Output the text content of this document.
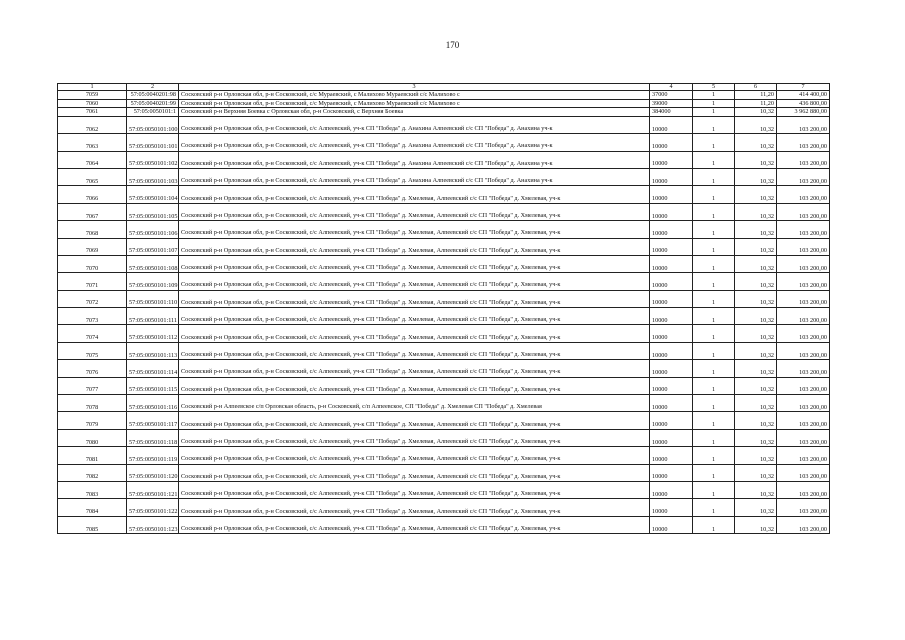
170
1	2	3	4	5	6	7
7059	57:05:0040201:98	Сосковский р-н Орловская обл, р-н Сосковский, с/с Мураевский, с Малихово Мураевский с/с Малихово с	37000	1	11,20	414 400,00
7060	57:05:0040201:99	Сосковский р-н Орловская обл, р-н Сосковский, с/с Мураевский, с Малихово Мураевский с/с Малихово с	39000	1	11,20	436 800,00
7061	57:05:0050101:1	Сосковский р-н Верхняя Боевка с Орловская обл, р-н Сосковский, с Верхняя Боевка	384000	1	10,32	3 962 880,00
7062	57:05:0050101:100	Сосковский р-н Орловская обл, р-н Сосковский, с/с Алпеевский, уч-к СП "Победа" д. Анахина Алпеевский с/с СП "Победа" д. Анахина уч-к	10000	1	10,32	103 200,00
7063	57:05:0050101:101	Сосковский р-н Орловская обл, р-н Сосковский, с/с Алпеевский, уч-к СП "Победа" д. Анахина Алпеевский с/с СП "Победа" д. Анахина уч-к	10000	1	10,32	103 200,00
7064	57:05:0050101:102	Сосковский р-н Орловская обл, р-н Сосковский, с/с Алпеевский, уч-к СП "Победа" д. Анахина Алпеевский с/с СП "Победа" д. Анахина уч-к	10000	1	10,32	103 200,00
7065	57:05:0050101:103	Сосковский р-н Орловская обл, р-н Сосковский, с/с Алпеевский, уч-к СП "Победа" д. Анахина Алпеевский с/с СП "Победа" д. Анахина уч-к	10000	1	10,32	103 200,00
7066	57:05:0050101:104	Сосковский р-н Орловская обл, р-н Сосковский, с/с Алпеевский, уч-к СП "Победа" д. Хмелевая, Алпеевский с/с СП "Победа" д. Хмелевая, уч-к	10000	1	10,32	103 200,00
7067	57:05:0050101:105	Сосковский р-н Орловская обл, р-н Сосковский, с/с Алпеевский, уч-к СП "Победа" д. Хмелевая, Алпеевский с/с СП "Победа" д. Хмелевая, уч-к	10000	1	10,32	103 200,00
7068	57:05:0050101:106	Сосковский р-н Орловская обл, р-н Сосковский, с/с Алпеевский, уч-к СП "Победа" д. Хмелевая, Алпеевский с/с СП "Победа" д. Хмелевая, уч-к	10000	1	10,32	103 200,00
7069	57:05:0050101:107	Сосковский р-н Орловская обл, р-н Сосковский, с/с Алпеевский, уч-к СП "Победа" д. Хмелевая, Алпеевский с/с СП "Победа" д. Хмелевая, уч-к	10000	1	10,32	103 200,00
7070	57:05:0050101:108	Сосковский р-н Орловская обл, р-н Сосковский, с/с Алпеевский, уч-к СП "Победа" д. Хмелевая, Алпеевский с/с СП "Победа" д. Хмелевая, уч-к	10000	1	10,32	103 200,00
7071	57:05:0050101:109	Сосковский р-н Орловская обл, р-н Сосковский, с/с Алпеевский, уч-к СП "Победа" д. Хмелевая, Алпеевский с/с СП "Победа" д. Хмелевая, уч-к	10000	1	10,32	103 200,00
7072	57:05:0050101:110	Сосковский р-н Орловская обл, р-н Сосковский, с/с Алпеевский, уч-к СП "Победа" д. Хмелевая, Алпеевский с/с СП "Победа" д. Хмелевая, уч-к	10000	1	10,32	103 200,00
7073	57:05:0050101:111	Сосковский р-н Орловская обл, р-н Сосковский, с/с Алпеевский, уч-к СП "Победа" д. Хмелевая, Алпеевский с/с СП "Победа" д. Хмелевая, уч-к	10000	1	10,32	103 200,00
7074	57:05:0050101:112	Сосковский р-н Орловская обл, р-н Сосковский, с/с Алпеевский, уч-к СП "Победа" д. Хмелевая, Алпеевский с/с СП "Победа" д. Хмелевая, уч-к	10000	1	10,32	103 200,00
7075	57:05:0050101:113	Сосковский р-н Орловская обл, р-н Сосковский, с/с Алпеевский, уч-к СП "Победа" д. Хмелевая, Алпеевский с/с СП "Победа" д. Хмелевая, уч-к	10000	1	10,32	103 200,00
7076	57:05:0050101:114	Сосковский р-н Орловская обл, р-н Сосковский, с/с Алпеевский, уч-к СП "Победа" д. Хмелевая, Алпеевский с/с СП "Победа" д. Хмелевая, уч-к	10000	1	10,32	103 200,00
7077	57:05:0050101:115	Сосковский р-н Орловская обл, р-н Сосковский, с/с Алпеевский, уч-к СП "Победа" д. Хмелевая, Алпеевский с/с СП "Победа" д. Хмелевая, уч-к	10000	1	10,32	103 200,00
7078	57:05:0050101:116	Сосковский р-н Алпеевское с/п Орловская область, р-н Сосковский, с/п Алпеевское, СП "Победа" д. Хмелевая СП "Победа" д. Хмелевая	10000	1	10,32	103 200,00
7079	57:05:0050101:117	Сосковский р-н Орловская обл, р-н Сосковский, с/с Алпеевский, уч-к СП "Победа" д. Хмелевая, Алпеевский с/с СП "Победа" д. Хмелевая, уч-к	10000	1	10,32	103 200,00
7080	57:05:0050101:118	Сосковский р-н Орловская обл, р-н Сосковский, с/с Алпеевский, уч-к СП "Победа" д. Хмелевая, Алпеевский с/с СП "Победа" д. Хмелевая, уч-к	10000	1	10,32	103 200,00
7081	57:05:0050101:119	Сосковский р-н Орловская обл, р-н Сосковский, с/с Алпеевский, уч-к СП "Победа" д. Хмелевая, Алпеевский с/с СП "Победа" д. Хмелевая, уч-к	10000	1	10,32	103 200,00
7082	57:05:0050101:120	Сосковский р-н Орловская обл, р-н Сосковский, с/с Алпеевский, уч-к СП "Победа" д. Хмелевая, Алпеевский с/с СП "Победа" д. Хмелевая, уч-к	10000	1	10,32	103 200,00
7083	57:05:0050101:121	Сосковский р-н Орловская обл, р-н Сосковский, с/с Алпеевский, уч-к СП "Победа" д. Хмелевая, Алпеевский с/с СП "Победа" д. Хмелевая, уч-к	10000	1	10,32	103 200,00
7084	57:05:0050101:122	Сосковский р-н Орловская обл, р-н Сосковский, с/с Алпеевский, уч-к СП "Победа" д. Хмелевая, Алпеевский с/с СП "Победа" д. Хмелевая, уч-к	10000	1	10,32	103 200,00
7085	57:05:0050101:123	Сосковский р-н Орловская обл, р-н Сосковский, с/с Алпеевский, уч-к СП "Победа" д. Хмелевая, Алпеевский с/с СП "Победа" д. Хмелевая, уч-к	10000	1	10,32	103 200,00
